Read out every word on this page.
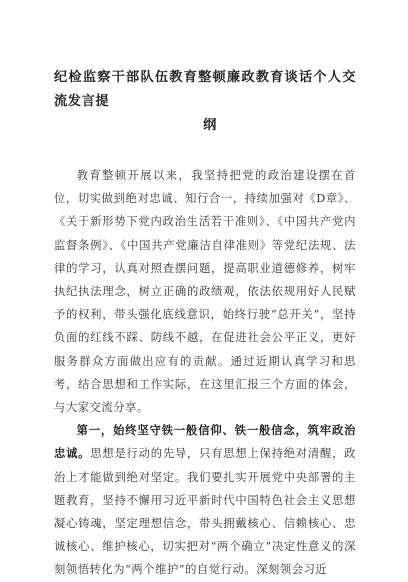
纪检监察干部队伍教育整顿廉政教育谈话个人交流发言提
纲

教育整顿开展以来，我坚持把党的政治建设摆在首位，切实做到绝对忠诚、知行合一，持续加强对《D章》、《关于新形势下党内政治生活若干准则》、《中国共产党内监督条例》、《中国共产党廉洁自律准则》等党纪法规、法律的学习，认真对照查摆问题，提高职业道德修养，树牢执纪执法理念，树立正确的政绩观，依法依规用好人民赋予的权利，带头强化底线意识，始终行驶“总开关”，坚持负面的红线不踩、防线不越，在促进社会公平正义，更好服务群众方面做出应有的贡献。通过近期认真学习和思考，结合思想和工作实际，在这里汇报三个方面的体会，与大家交流分享。

第一，始终坚守铁一般信仰、铁一般信念，筑牢政治忠诚。思想是行动的先导，只有思想上保持绝对清醒，政治上才能做到绝对坚定。我们要扎实开展党中央部署的主题教育，坚持不懈用习近平新时代中国特色社会主义思想凝心铸魂，坚定理想信念，带头拥戴核心、信赖核心、忠诚核心、维护核心，切实把对“两个确立”决定性意义的深刻领悟转化为“两个维护”的自觉行动。深刻领会习近
